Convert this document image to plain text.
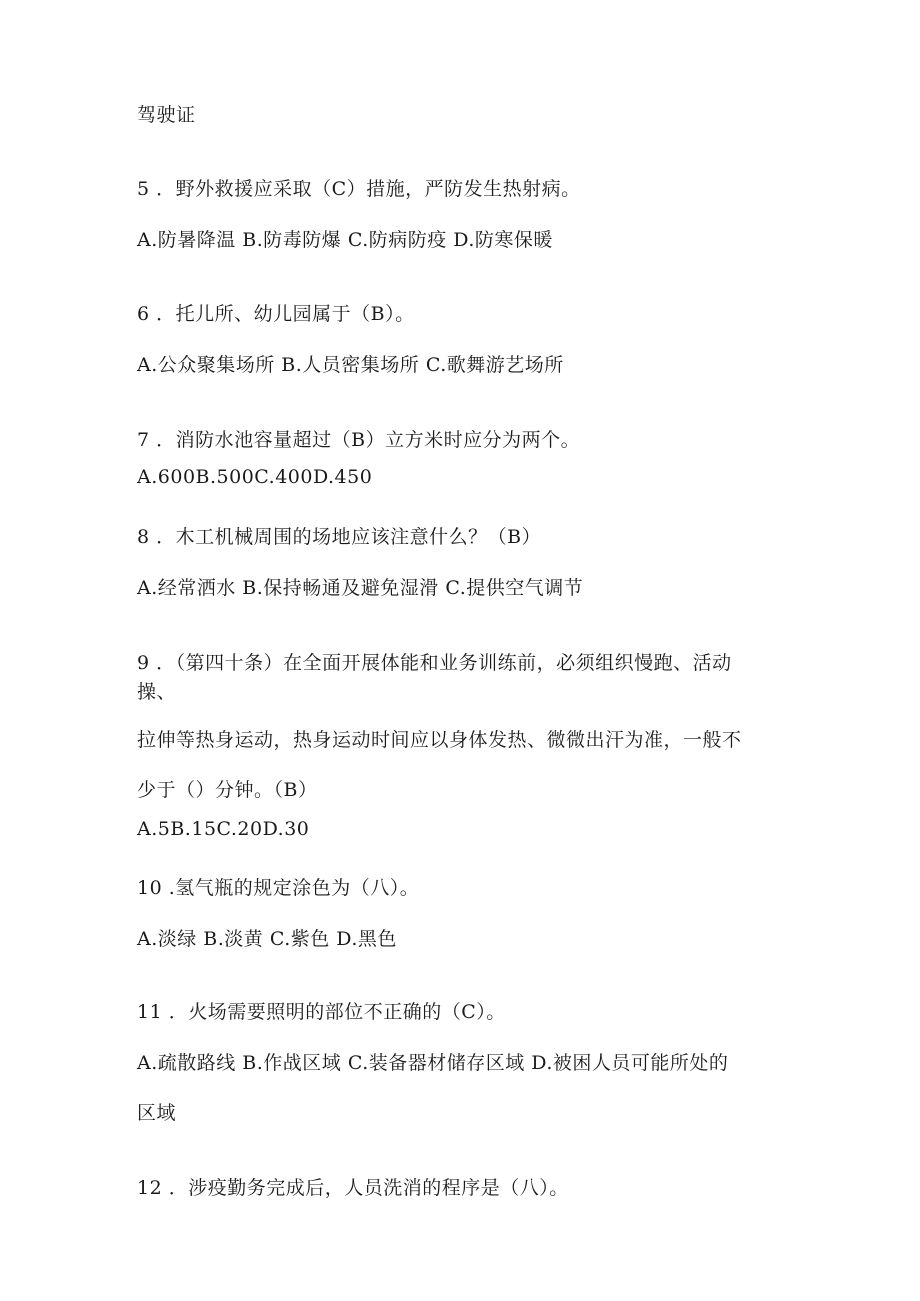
驾驶证
5 ．野外救援应采取（C）措施，严防发生热射病。
A.防暑降温 B.防毒防爆 C.防病防疫 D.防寒保暖
6 ．托儿所、幼儿园属于（B）。
A.公众聚集场所 B.人员密集场所 C.歌舞游艺场所
7 ．消防水池容量超过（B）立方米时应分为两个。
A.600B.500C.400D.450
8 ．木工机械周围的场地应该注意什么？（B）
A.经常洒水 B.保持畅通及避免湿滑 C.提供空气调节
9 ．（第四十条）在全面开展体能和业务训练前，必须组织慢跑、活动
操、
拉伸等热身运动，热身运动时间应以身体发热、微微出汗为准，一般不
少于（）分钟。（B）
A.5B.15C.20D.30
10 .氢气瓶的规定涂色为（八）。
A.淡绿 B.淡黄 C.紫色 D.黑色
11 ．火场需要照明的部位不正确的（C）。
A.疏散路线 B.作战区域 C.装备器材储存区域 D.被困人员可能所处的
区域
12 ．涉疫勤务完成后，人员洗消的程序是（八）。
